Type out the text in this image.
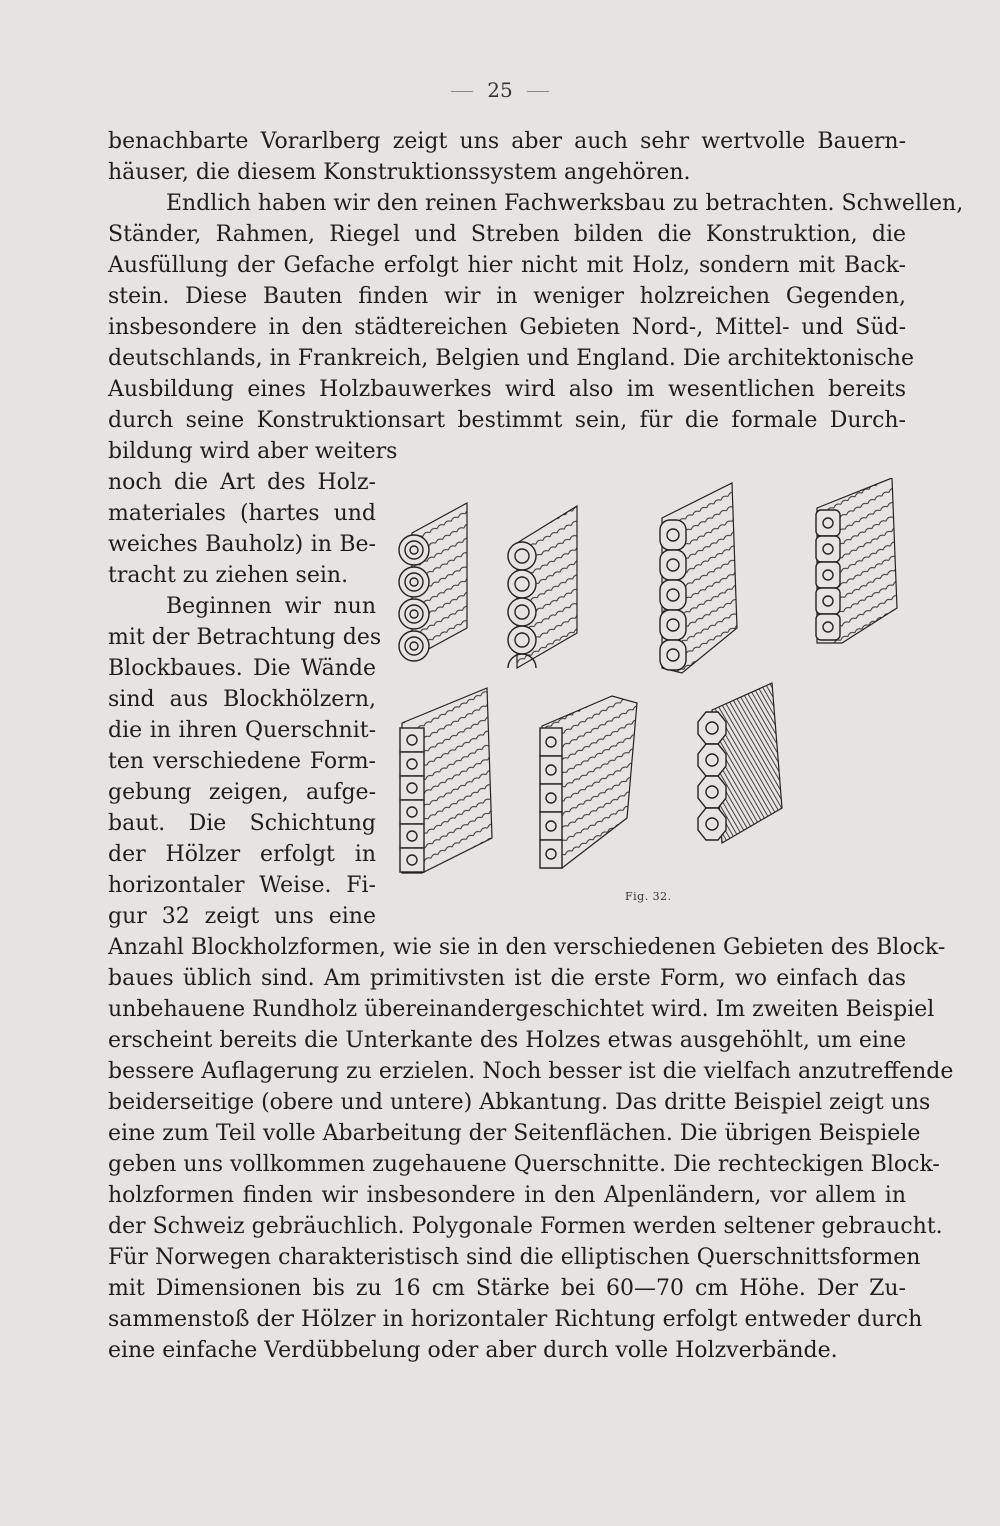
25
benachbarte Vorarlberg zeigt uns aber auch sehr wertvolle Bauern-
häuser, die diesem Konstruktionssystem angehören.
Endlich haben wir den reinen Fachwerksbau zu betrachten. Schwellen,
Ständer, Rahmen, Riegel und Streben bilden die Konstruktion, die
Ausfüllung der Gefache erfolgt hier nicht mit Holz, sondern mit Back-
stein. Diese Bauten finden wir in weniger holzreichen Gegenden,
insbesondere in den städtereichen Gebieten Nord-, Mittel- und Süd-
deutschlands, in Frankreich, Belgien und England. Die architektonische
Ausbildung eines Holzbauwerkes wird also im wesentlichen bereits
durch seine Konstruktionsart bestimmt sein, für die formale Durch-
bildung wird aber weiters
noch die Art des Holz-
materiales (hartes und
weiches Bauholz) in Be-
tracht zu ziehen sein.
Beginnen wir nun
mit der Betrachtung des
Blockbaues. Die Wände
sind aus Blockhölzern,
die in ihren Querschnit-
ten verschiedene Form-
gebung zeigen, aufge-
baut. Die Schichtung
der Hölzer erfolgt in
horizontaler Weise. Fi-
gur 32 zeigt uns eine
Fig. 32.
Anzahl Blockholzformen, wie sie in den verschiedenen Gebieten des Block-
baues üblich sind. Am primitivsten ist die erste Form, wo einfach das
unbehauene Rundholz übereinandergeschichtet wird. Im zweiten Beispiel
erscheint bereits die Unterkante des Holzes etwas ausgehöhlt, um eine
bessere Auflagerung zu erzielen. Noch besser ist die vielfach anzutreffende
beiderseitige (obere und untere) Abkantung. Das dritte Beispiel zeigt uns
eine zum Teil volle Abarbeitung der Seitenflächen. Die übrigen Beispiele
geben uns vollkommen zugehauene Querschnitte. Die rechteckigen Block-
holzformen finden wir insbesondere in den Alpenländern, vor allem in
der Schweiz gebräuchlich. Polygonale Formen werden seltener gebraucht.
Für Norwegen charakteristisch sind die elliptischen Querschnittsformen
mit Dimensionen bis zu 16 cm Stärke bei 60—70 cm Höhe. Der Zu-
sammenstoß der Hölzer in horizontaler Richtung erfolgt entweder durch
eine einfache Verdübbelung oder aber durch volle Holzverbände.
